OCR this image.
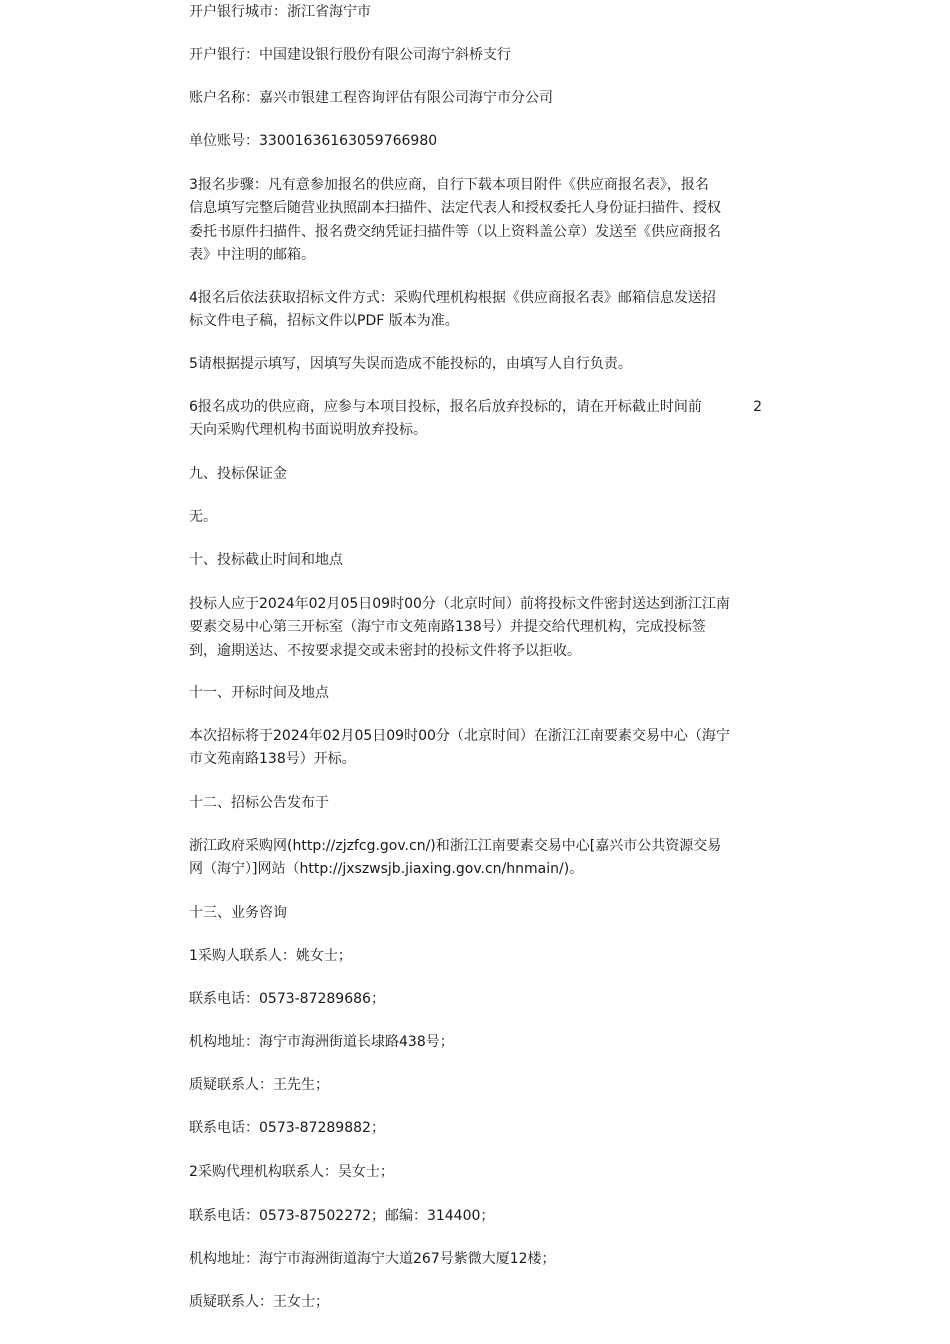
开户银行城市：浙江省海宁市

开户银行：中国建设银行股份有限公司海宁斜桥支行

账户名称：嘉兴市银建工程咨询评估有限公司海宁市分公司

单位账号：33001636163059766980

3报名步骤：凡有意参加报名的供应商，自行下载本项目附件《供应商报名表》，报名
信息填写完整后随营业执照副本扫描件、法定代表人和授权委托人身份证扫描件、授权
委托书原件扫描件、报名费交纳凭证扫描件等（以上资料盖公章）发送至《供应商报名
表》中注明的邮箱。
4报名后依法获取招标文件方式：采购代理机构根据《供应商报名表》邮箱信息发送招
标文件电子稿，招标文件以PDF 版本为准。

5请根据提示填写，因填写失误而造成不能投标的，由填写人自行负责。

6报名成功的供应商，应参与本项目投标，报名后放弃投标的，请在开标截止时间前	2
天向采购代理机构书面说明放弃投标。

九、投标保证金

无。

十、投标截止时间和地点

投标人应于2024年02月05日09时00分（北京时间）前将投标文件密封送达到浙江江南
要素交易中心第三开标室（海宁市文苑南路138号）并提交给代理机构，完成投标签
到，逾期送达、不按要求提交或未密封的投标文件将予以拒收。

十一、开标时间及地点

本次招标将于2024年02月05日09时00分（北京时间）在浙江江南要素交易中心（海宁
市文苑南路138号）开标。

十二、招标公告发布于

浙江政府采购网(http://zjzfcg.gov.cn/)和浙江江南要素交易中心[嘉兴市公共资源交易
网（海宁）]网站（http://jxszwsjb.jiaxing.gov.cn/hnmain/)。

十三、业务咨询

1采购人联系人：姚女士；

联系电话：0573-87289686；

机构地址：海宁市海洲街道长埭路438号；

质疑联系人：王先生；

联系电话：0573-87289882；

2采购代理机构联系人：吴女士；

联系电话：0573-87502272；邮编：314400；

机构地址：海宁市海洲街道海宁大道267号紫微大厦12楼；

质疑联系人：王女士；
